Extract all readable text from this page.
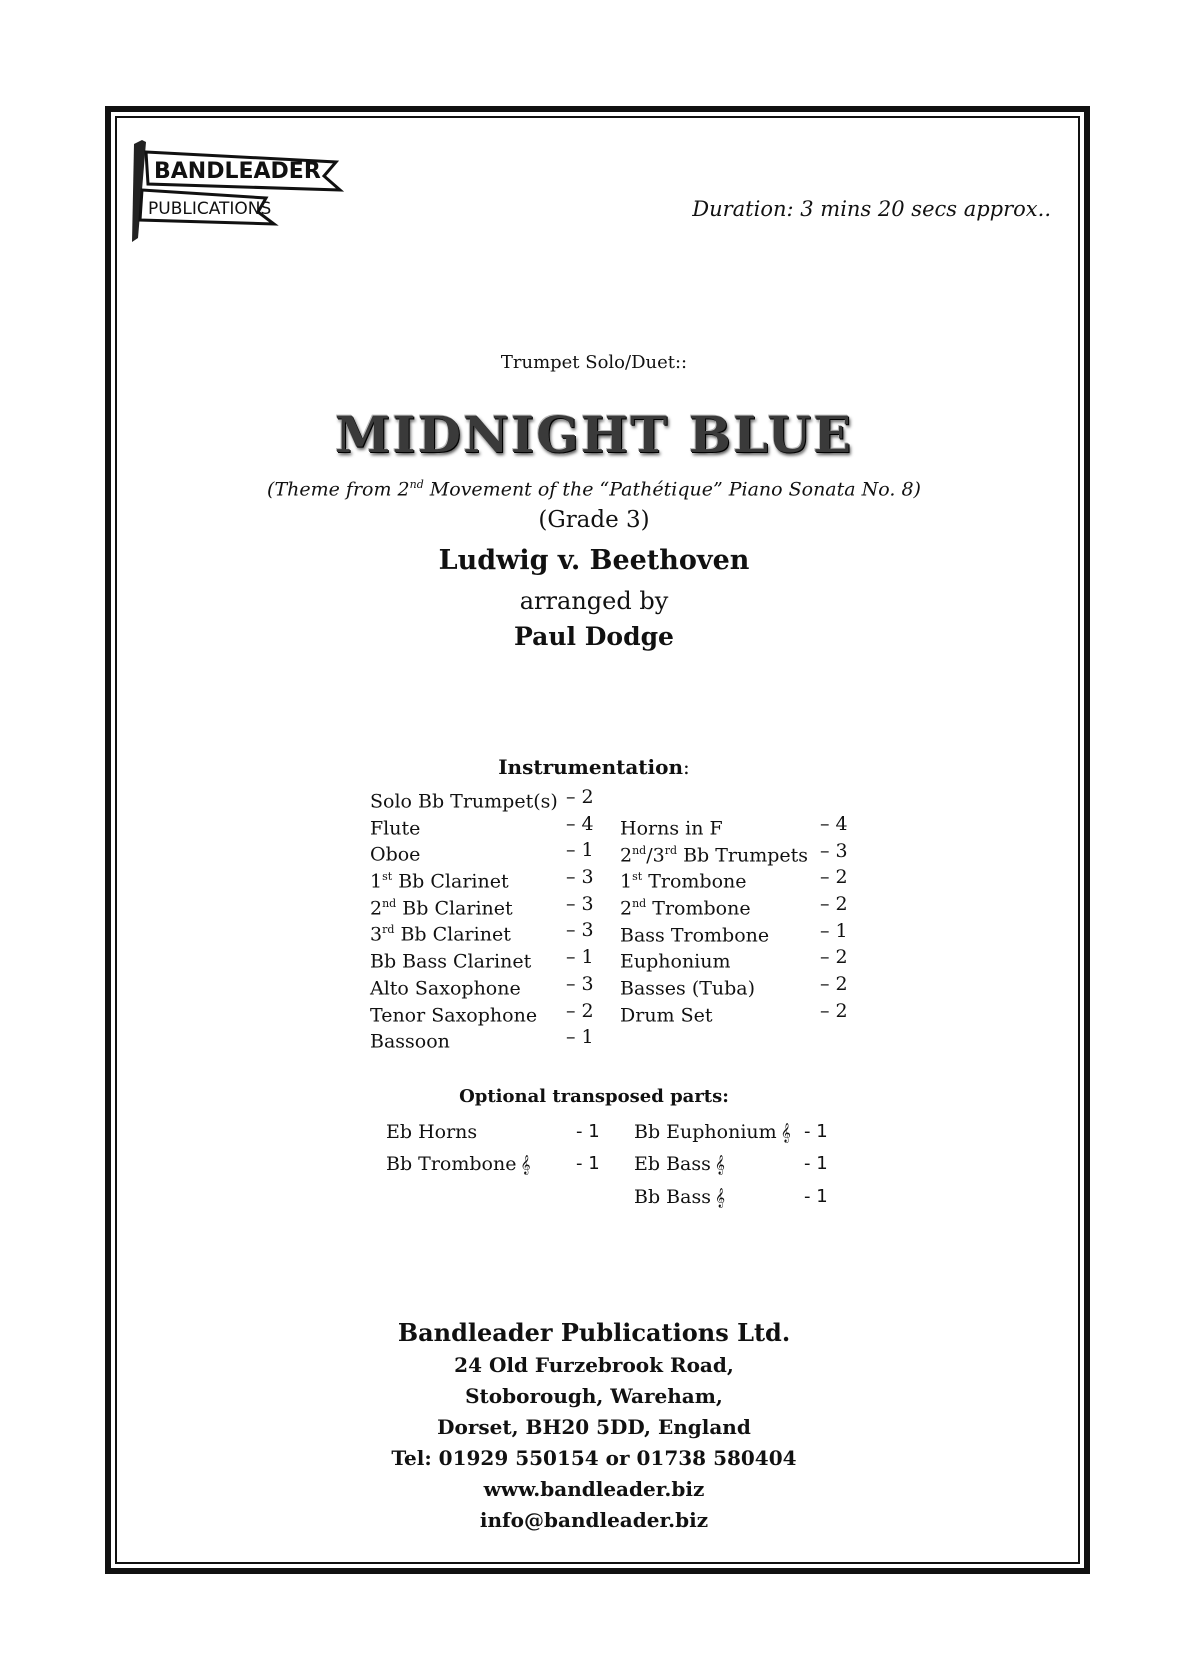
BANDLEADER
PUBLICATIONS	Duration: 3 mins 20 secs approx..
Trumpet Solo/Duet::
MIDNIGHT BLUE
(Theme from 2nd Movement of the “Pathétique” Piano Sonata No. 8)
(Grade 3)
Ludwig v. Beethoven
arranged by
Paul Dodge
Instrumentation:
Solo Bb Trumpet(s) – 2
Flute	– 4
Oboe	– 1
1st Bb Clarinet	– 3
2nd Bb Clarinet	– 3
3rd Bb Clarinet	– 3
Bb Bass Clarinet – 1
Alto Saxophone – 3
Tenor Saxophone – 2
Bassoon	– 1
Horns in F	– 4
2nd/3rd Bb Trumpets – 3
1st Trombone	– 2
2nd Trombone	– 2
Bass Trombone	– 1
Euphonium	– 2
Basses (Tuba)	– 2
Drum Set	– 2
Optional transposed parts:
Eb Horns	- 1
Bb Trombone 𝄞	- 1
Bb Euphonium 𝄞 - 1
Eb Bass 𝄞	- 1
Bb Bass 𝄞	- 1
Bandleader Publications Ltd.
24 Old Furzebrook Road,
Stoborough, Wareham,
Dorset, BH20 5DD, England
Tel: 01929 550154 or 01738 580404
www.bandleader.biz
info@bandleader.biz
